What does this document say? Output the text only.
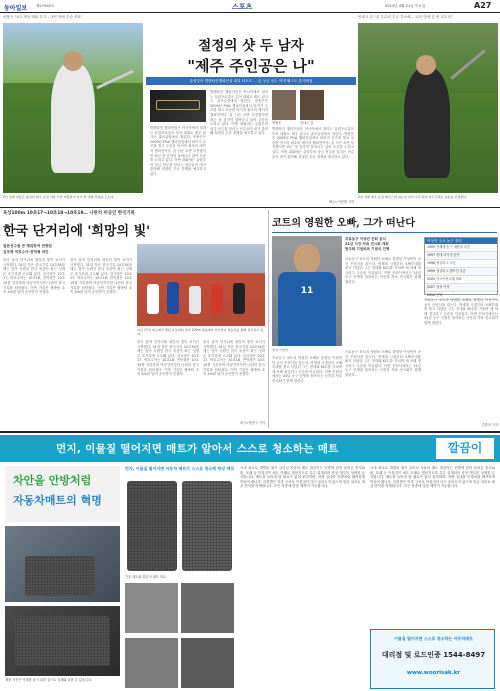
동아일보 제27585호	스포츠	2013년 4월 21일 목요일	A27
양용은 "소트게임·재퍼 무기… 3번 만에 우승 목표"	안네시 갑 "올 우수런 우승 감소해— 되어 만에 한 번 된모임"
2년 전에 양용은 출전한 제주 유럽 리뷰 시작 버팅하여 다시 한 대회 차량을 모든다.	2년 전에 제주 유럽 레이스에 쉬는지 입어 고치 위비 골프트레트 중분을 신청한다.
절정의 샷 두 남자
"제주 주인공은 나"
유럽투어 발렌타인챔피언십 내일 티오프 … 올 상금 선두 미네 웰스도 총사례절
발렌타인 챔피언십은 아시아에서 열리는 유럽프로골프 투어 대회로 제주 핀크스 골프클럽에서 열린다. 양용은은 2009년 PGA 챔피언십에서 타이거 우즈를 꺾고 우승한 아시아 최초의 메이저 챔피언이다. 올 시즌 초반 부진했지만 최근 샷 감각이 살아나고 있어 우승을 노리고 있다. 이번 대회에는 유럽투어 상금 선두를 달리는 선수들이 대거 출전해 치열한 우승 경쟁을 예고하고 있다.
발렌타인 챔피언십은 아시아에서 열리는 유럽프로골프 투어 대회로 제주 핀크스 골프클럽에서 열린다. 양용은은 2009년 PGA 챔피언십에서 타이거 우즈를 꺾고 우승한 아시아 최초의 메이저 챔피언이다. 올 시즌 초반 부진했지만 최근 샷 감각이 살아나고 있어 우승을 노리고 있다. 이번 대회에는 유럽투어 상금 선두를 달리는 선수들이 대거 출전해 치열한 우승 경쟁을 예고하고 있다.
양용은	안네시 갑
발렌타인 챔피언십은 아시아에서 열리는 유럽프로골프 투어 대회로 제주 핀크스 골프클럽에서 열린다. 양용은은 2009년 PGA 챔피언십에서 타이거 우즈를 꺾고 우승한 아시아 최초의 메이저 챔피언이다. 올 시즌 초반 부진했지만 최근 샷 감각이 살아나고 있어 우승을 노리고 있다. 이번 대회에는 유럽투어 상금 선두를 달리는 선수들이 대거 출전해 치열한 우승 경쟁을 예고하고 있다.
제주=이헌재 기자
육상100m 10초17→10초18→10초19… 나란히 비공인 한국기록
한국 단거리에 '희망의 빛'
일본선수권 큰 맹위하여 전향된
김국영·여호수아·전덕형 약진
한국 남자 단거리에 희망의 빛이 보이기 시작했다. 31년 묵은 한국기록 10초34를 깨는 것이 숙원인 한국 육상이 최근 잇따른 호기록에 고무돼 있다. 김국영은 10초17, 여호수아는 10초18, 전덕형은 10초19를 기록하며 비공인이지만 나란히 한국기록을 넘어섰다. 이번 기록은 뒷바람 초속 2m를 넘어 공인받지 못했다.
한국 남자 단거리에 희망의 빛이 보이기 시작했다. 31년 묵은 한국기록 10초34를 깨는 것이 숙원인 한국 육상이 최근 잇따른 호기록에 고무돼 있다. 김국영은 10초17, 여호수아는 10초18, 전덕형은 10초19를 기록하며 비공인이지만 나란히 한국기록을 넘어섰다. 이번 기록은 뒷바람 초속 2m를 넘어 공인받지 못했다.
지난 17일 대구에서 열린 육상대회 남자 100m 결승에서 선수들이 결승선을 향해 질주하고 있다.
한국 남자 단거리에 희망의 빛이 보이기 시작했다. 31년 묵은 한국기록 10초34를 깨는 것이 숙원인 한국 육상이 최근 잇따른 호기록에 고무돼 있다. 김국영은 10초17, 여호수아는 10초18, 전덕형은 10초19를 기록하며 비공인이지만 나란히 한국기록을 넘어섰다. 이번 기록은 뒷바람 초속 2m를 넘어 공인받지 못했다.
한국 남자 단거리에 희망의 빛이 보이기 시작했다. 31년 묵은 한국기록 10초34를 깨는 것이 숙원인 한국 육상이 최근 잇따른 호기록에 고무돼 있다. 김국영은 10초17, 여호수아는 10초18, 전덕형은 10초19를 기록하며 비공인이지만 나란히 한국기록을 넘어섰다. 이번 기록은 뒷바람 초속 2m를 넘어 공인받지 못했다.
대구=양종구 기자
코트의 영원한 오빠, 그가 떠난다
11
삼성 이상민
프로농구 이상민 은퇴 공식
31년 사진·자료 전시회 개최
현주희 기념비와 기념식 진행
프로농구 코트의 영원한 오빠로 불렸던 이상민이 공식 은퇴식을 갖는다. 연세대 시절부터 오빠부대를 몰고 다녔던 그는 현대와 KCC를 거치며 세 차례 정규리그 우승을 이끌었다. 이번 은퇴식에서는 31년 농구 인생을 돌아보는 사진과 자료 전시회가 함께 열린다.
이상민 주요 농구 경력
1995 연세대 농구 대잔치 우승
1997 현대 다이넷 입단
1998 정규리그 우승
1999 정규리그·챔프전 우승
2000 아시아선수권 대표
2007 삼성 이적
2010 은퇴
프로농구 코트의 영원한 오빠로 불렸던 이상민이 공식 은퇴식을 갖는다. 연세대 시절부터 오빠부대를 몰고 다녔던 그는 현대와 KCC를 거치며 세 차례 정규리그 우승을 이끌었다. 이번 은퇴식에서는 31년 농구 인생을 돌아보는 사진과 자료 전시회가 함께 열린다.
프로농구 코트의 영원한 오빠로 불렸던 이상민이 공식 은퇴식을 갖는다. 연세대 시절부터 오빠부대를 몰고 다녔던 그는 현대와 KCC를 거치며 세 차례 정규리그 우승을 이끌었다. 이번 은퇴식에서는 31년 농구 인생을 돌아보는 사진과 자료 전시회가 함께 열린다.
프로농구 코트의 영원한 오빠로 불렸던 이상민이 공식 은퇴식을 갖는다. 연세대 시절부터 오빠부대를 몰고 다녔던 그는 현대와 KCC를 거치며 세 차례 정규리그 우승을 이끌었다. 이번 은퇴식에서는 31년 농구 인생을 돌아보는 사진과 자료 전시회가 함께 열린다.
김종석 기자
먼지, 이물질 떨어지면 매트가 알아서 스스로 청소하는 매트	깔끔이
차안을 안방처럼
자동차매트의 혁명
제품 사진은 이해를 돕기 위한 것으로 실제와 다를 수 있습니다.
먼지, 이물질 떨어지면 자동차 매트가 스스로 청소해 항상 깨끗
기존 매트와 깔끔이 매트 비교
국내 최초로 개발된 셀프 클리닝 자동차 매트 깔끔이는 신발에 묻어 들어온 먼지와 흙, 모래 등 이물질이 매트 아래로 떨어지도록 특수 설계되어 항상 깨끗한 상태를 유지합니다. 매트를 들어내 털 필요가 없어 편리하며, 차량 실내를 안방처럼 쾌적하게 만들어 줍니다. 특허받은 이중 구조로 이물질이 다시 올라오지 않으며 항균 처리로 세균 번식을 억제합니다. 모든 차종에 맞춤 제작이 가능합니다.
국내 최초로 개발된 셀프 클리닝 자동차 매트 깔끔이는 신발에 묻어 들어온 먼지와 흙, 모래 등 이물질이 매트 아래로 떨어지도록 특수 설계되어 항상 깨끗한 상태를 유지합니다. 매트를 들어내 털 필요가 없어 편리하며, 차량 실내를 안방처럼 쾌적하게 만들어 줍니다. 특허받은 이중 구조로 이물질이 다시 올라오지 않으며 항균 처리로 세균 번식을 억제합니다. 모든 차종에 맞춤 제작이 가능합니다.
이물질 떨어지면 스스로 청소하는 자동차매트
대리점 및 로드인증 1544-8497
www.woorisak.kr
